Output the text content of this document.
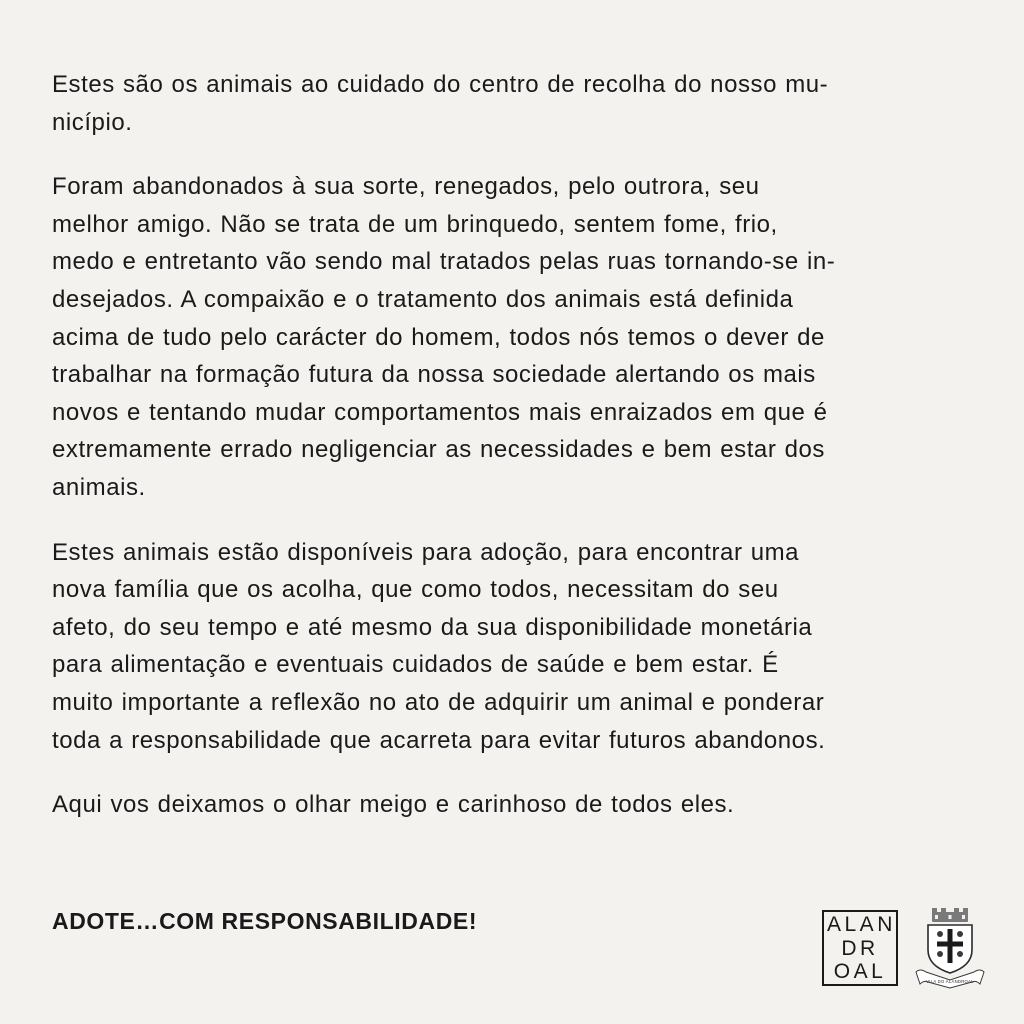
Estes são os animais ao cuidado do centro de recolha do nosso mu-
nicípio.

Foram abandonados à sua sorte, renegados, pelo outrora, seu
melhor amigo. Não se trata de um brinquedo, sentem fome, frio,
medo e entretanto vão sendo mal tratados pelas ruas tornando-se in-
desejados. A compaixão e o tratamento dos animais está definida
acima de tudo pelo carácter do homem, todos nós temos o dever de
trabalhar na formação futura da nossa sociedade alertando os mais
novos e tentando mudar comportamentos mais enraizados em que é
extremamente errado negligenciar as necessidades e bem estar dos
animais.

Estes animais estão disponíveis para adoção, para encontrar uma
nova família que os acolha, que como todos, necessitam do seu
afeto, do seu tempo e até mesmo da sua disponibilidade monetária
para alimentação e eventuais cuidados de saúde e bem estar. É
muito importante a reflexão no ato de adquirir um animal e ponderar
toda a responsabilidade que acarreta para evitar futuros abandonos.

Aqui vos deixamos o olhar meigo e carinhoso de todos eles.

ADOTE…COM RESPONSABILIDADE!	ALAN
DR
OAL	VILA DO ALANDROAL
